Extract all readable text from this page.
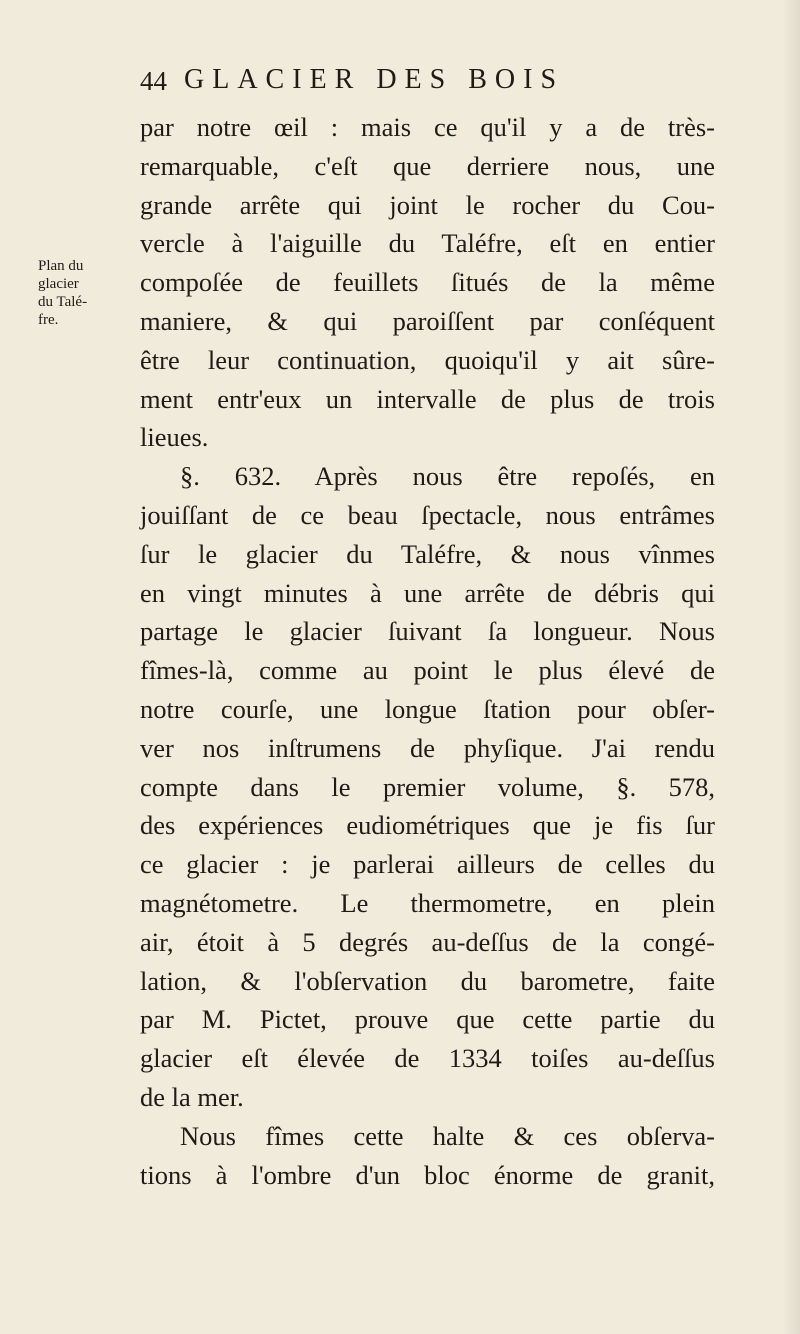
44 GLACIER DES BOIS
Plan du
glacier
du Talé-
fre.
par notre œil : mais ce qu'il y a de très-
remarquable, c'eſt que derriere nous, une
grande arrête qui joint le rocher du Cou-
vercle à l'aiguille du Taléfre, eſt en entier
compoſée de feuillets ſitués de la même
maniere, & qui paroiſſent par conſéquent
être leur continuation, quoiqu'il y ait sûre-
ment entr'eux un intervalle de plus de trois
lieues.
§. 632. Après nous être repoſés, en
jouiſſant de ce beau ſpectacle, nous entrâmes
ſur le glacier du Taléfre, & nous vînmes
en vingt minutes à une arrête de débris qui
partage le glacier ſuivant ſa longueur. Nous
fîmes-là, comme au point le plus élevé de
notre courſe, une longue ſtation pour obſer-
ver nos inſtrumens de phyſique. J'ai rendu
compte dans le premier volume, §. 578,
des expériences eudiométriques que je fis ſur
ce glacier : je parlerai ailleurs de celles du
magnétometre. Le thermometre, en plein
air, étoit à 5 degrés au-deſſus de la congé-
lation, & l'obſervation du barometre, faite
par M. Pictet, prouve que cette partie du
glacier eſt élevée de 1334 toiſes au-deſſus
de la mer.
Nous fîmes cette halte & ces obſerva-
tions à l'ombre d'un bloc énorme de granit,
